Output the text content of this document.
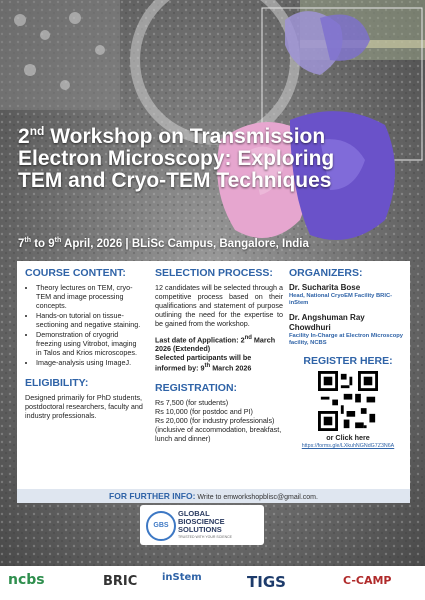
2nd Workshop on Transmission Electron Microscopy: Exploring TEM and Cryo-TEM Techniques
7th to 9th April, 2026 | BLiSc Campus, Bangalore, India
COURSE CONTENT:
• Theory lectures on TEM, cryo-TEM and image processing concepts.
• Hands-on tutorial on tissue-sectioning and negative staining.
• Demonstration of cryogrid freezing using Vitrobot, imaging in Talos and Krios microscopes.
• Image-analysis using ImageJ.
ELIGIBILITY:
Designed primarily for PhD students, postdoctoral researchers, faculty and industry professionals.
SELECTION PROCESS:
12 candidates will be selected through a competitive process based on their qualifications and statement of purpose outlining the need for the expertise to be gained from the workshop.
Last date of Application: 2nd March 2026 (Extended)
Selected participants will be informed by: 9th March 2026
REGISTRATION:
Rs 7,500 (for students)
Rs 10,000 (for postdoc and PI)
Rs 20,000 (for industry professionals)
(inclusive of accommodation, breakfast, lunch and dinner)
ORGANIZERS:
Dr. Sucharita Bose
Head, National CryoEM Facility BRIC-inStem
Dr. Angshuman Ray Chowdhuri
Facility In-Charge at Electron Microscopy facility, NCBS
REGISTER HERE:
or Click here
https://forms.gle/LXkuhNGNdG7Z3N6A
FOR FURTHER INFO: Write to emworkshopblisc@gmail.com.
GBS
GLOBAL
BIOSCIENCE
SOLUTIONS
TRUSTED WITH YOUR SCIENCE
ncbs	BRIC inStem	TIGS	C-CAMP
